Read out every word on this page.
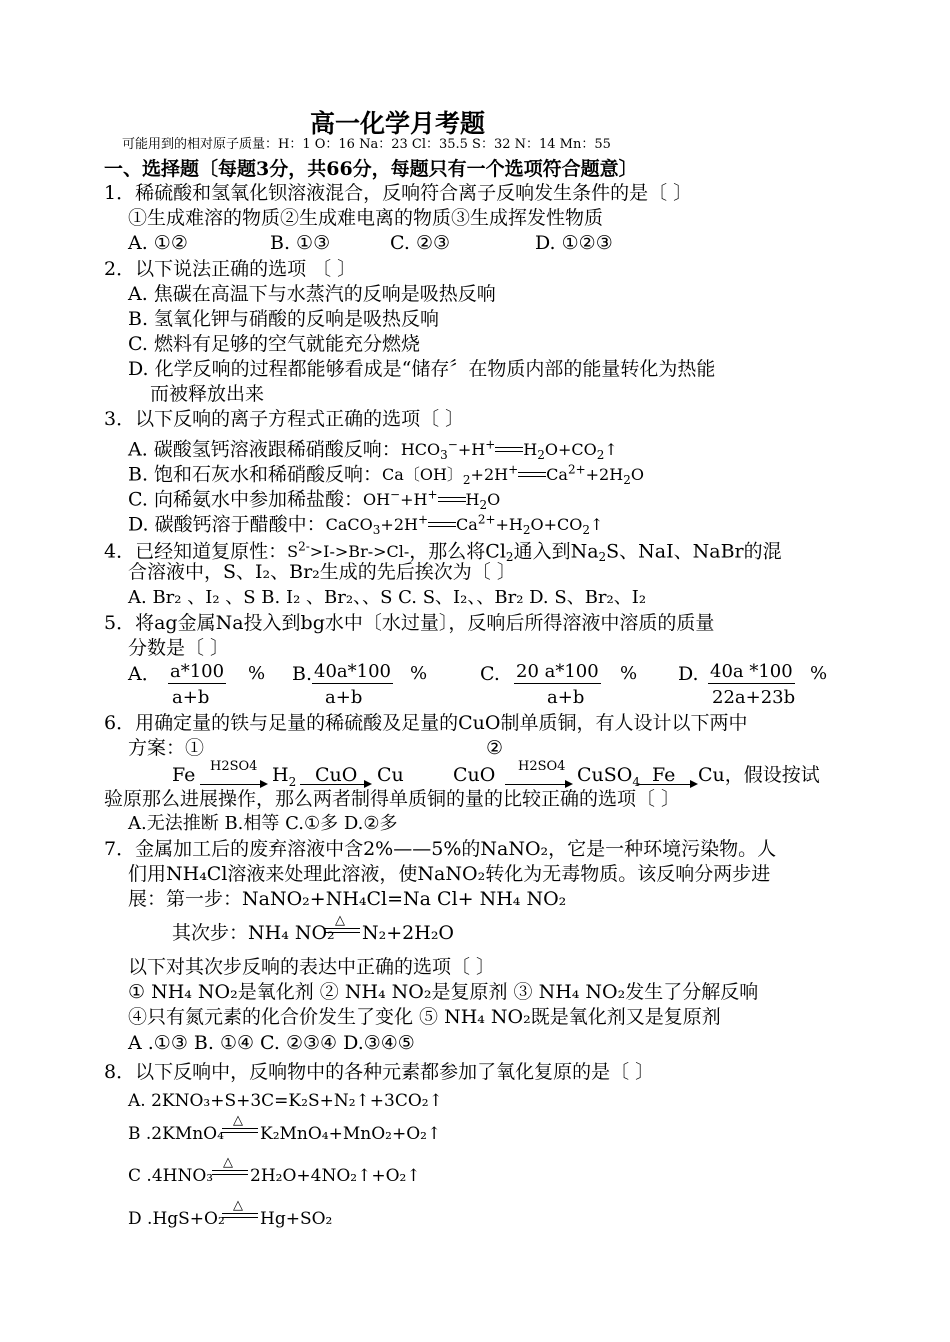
高一化学月考题
可能用到的相对原子质量：H：1 O：16 Na：23 Cl：35.5 S：32 N：14 Mn：55
一、选择题〔每题3分，共66分，每题只有一个选项符合题意〕
1．稀硫酸和氢氧化钡溶液混合，反响符合离子反响发生条件的是〔 〕
①生成难溶的物质②生成难电离的物质③生成挥发性物质
A. ①②	B. ①③	C. ②③	D. ①②③
2．以下说法正确的选项 〔 〕
A. 焦碳在高温下与水蒸汽的反响是吸热反响
B. 氢氧化钾与硝酸的反响是吸热反响
C. 燃料有足够的空气就能充分燃烧
D. 化学反响的过程都能够看成是“储存〞在物质内部的能量转化为热能
而被释放出来
3．以下反响的离子方程式正确的选项〔 〕
A. 碳酸氢钙溶液跟稀硝酸反响：$HCO_3^-+H^+$ $H_2O+CO_2↑$
B. 饱和石灰水和稀硝酸反响：Ca〔OH〕$_2$+2H+ $Ca^{2+}+2H_2O$
C. 向稀氨水中参加稀盐酸：OH−+H+ $H_2O$
D. 碳酸钙溶于醋酸中：CaCO$_3$+2H+ $Ca^{2+}+H_2O+CO_2↑$
4．已经知道复原性：$S^{2-}>I->Br->Cl-$，那么将$Cl_2$通入到$Na_2S$、NaI、NaBr的混
合溶液中，S、I₂、Br₂生成的先后挨次为〔 〕
A. Br₂ 、I₂ 、S B. I₂ 、Br₂、、S C. S、I₂、、Br₂ D. S、Br₂、I₂
5．将ag金属Na投入到bg水中〔水过量〕，反响后所得溶液中溶质的质量
分数是〔 〕
A． a*100 %
a+b
B. 40a*100 %
a+b
C. 20 a*100 %
a+b
D. 40a *100 %
22a+23b
6．用确定量的铁与足量的稀硫酸及足量的CuO制单质铜，有人设计以下两中
方案：①	②
Fe H2SO4 $H_2$ CuO Cu	CuO H2SO4 CuSO$_4$ Fe → Cu，假设按试
验原那么进展操作，那么两者制得单质铜的量的比较正确的选项〔 〕
A.无法推断 B.相等 C.①多 D.②多
7．金属加工后的废弃溶液中含2%——5%的NaNO₂，它是一种环境污染物。人
们用NH₄Cl溶液来处理此溶液，使NaNO₂转化为无毒物质。该反响分两步进
展：第一步：NaNO₂+NH₄Cl=Na Cl+ NH₄ NO₂
其次步：NH₄ NO₂
△
N₂+2H₂O
以下对其次步反响的表达中正确的选项〔 〕
① NH₄ NO₂是氧化剂 ② NH₄ NO₂是复原剂 ③ NH₄ NO₂发生了分解反响
④只有氮元素的化合价发生了变化 ⑤ NH₄ NO₂既是氧化剂又是复原剂
A .①③ B. ①④ C. ②③④ D.③④⑤
8．以下反响中，反响物中的各种元素都参加了氧化复原的是〔 〕
A. 2KNO₃+S+3C=K₂S+N₂↑+3CO₂↑
B .2KMnO₄
△
K₂MnO₄+MnO₂+O₂↑
C .4HNO₃
△
2H₂O+4NO₂↑+O₂↑
D .HgS+O₂
△
Hg+SO₂
